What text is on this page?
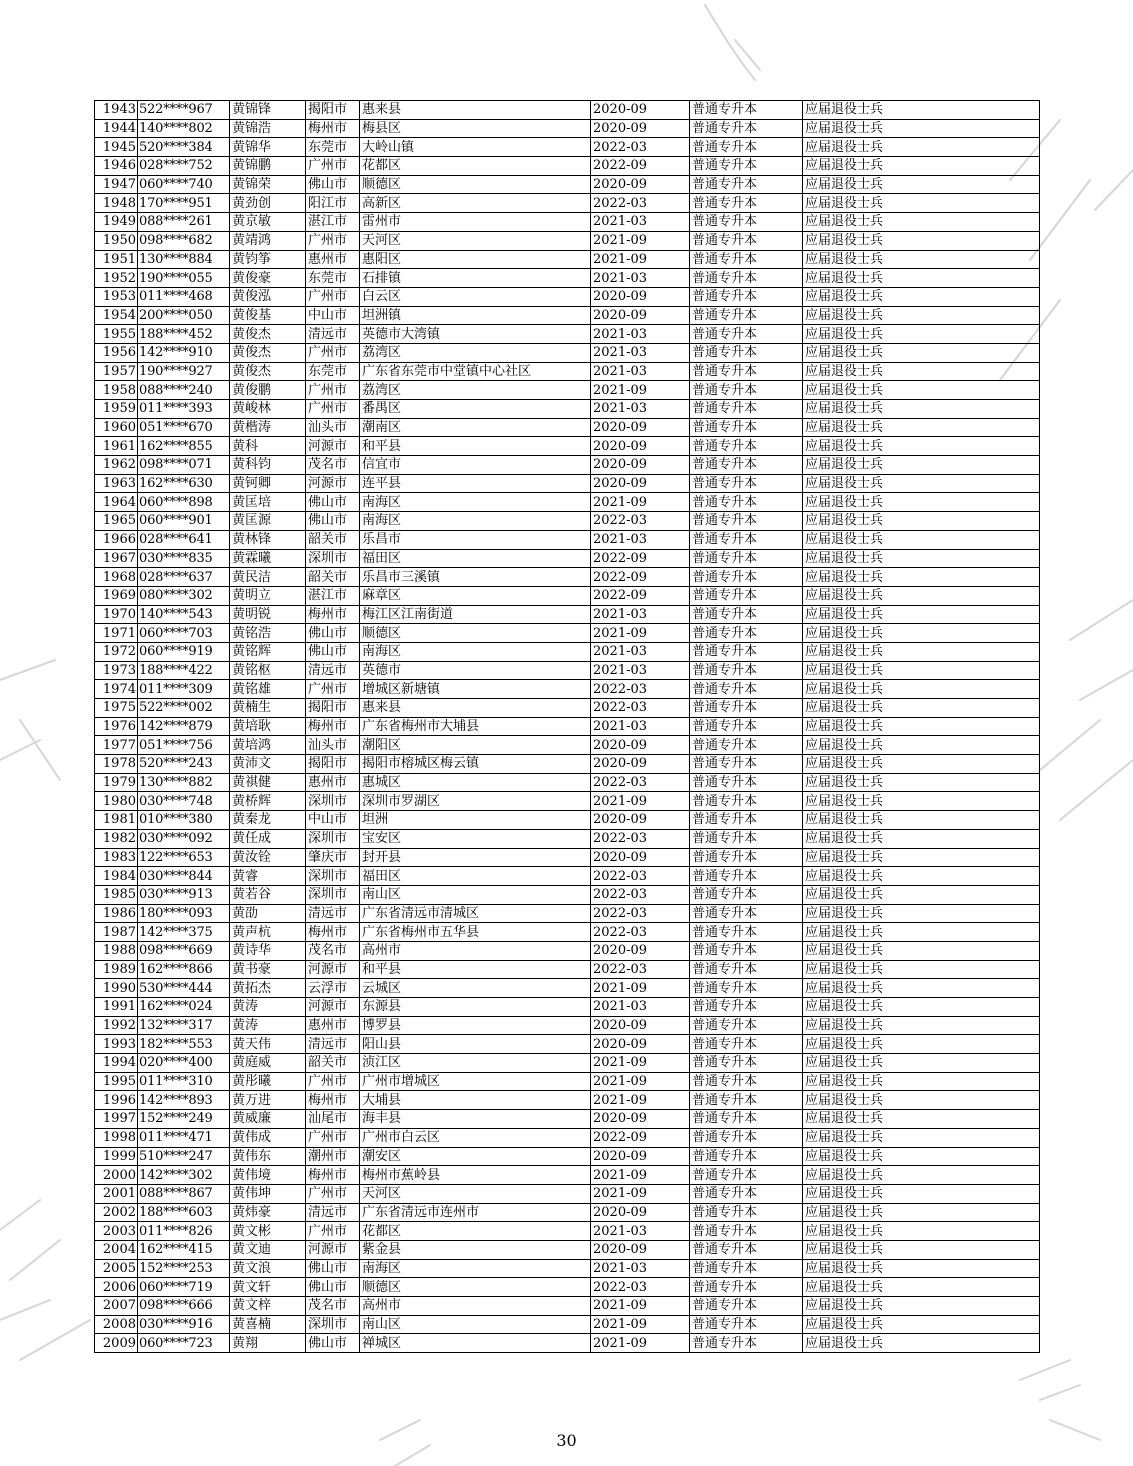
1943	522****967	黄锦锋	揭阳市	惠来县	2020-09	普通专升本	应届退役士兵
1944	140****802	黄锦浩	梅州市	梅县区	2020-09	普通专升本	应届退役士兵
1945	520****384	黄锦华	东莞市	大岭山镇	2022-03	普通专升本	应届退役士兵
1946	028****752	黄锦鹏	广州市	花都区	2022-09	普通专升本	应届退役士兵
1947	060****740	黄锦荣	佛山市	顺德区	2020-09	普通专升本	应届退役士兵
1948	170****951	黄劲创	阳江市	高新区	2022-03	普通专升本	应届退役士兵
1949	088****261	黄京敏	湛江市	雷州市	2021-03	普通专升本	应届退役士兵
1950	098****682	黄靖鸿	广州市	天河区	2021-09	普通专升本	应届退役士兵
1951	130****884	黄钧筝	惠州市	惠阳区	2021-09	普通专升本	应届退役士兵
1952	190****055	黄俊豪	东莞市	石排镇	2021-03	普通专升本	应届退役士兵
1953	011****468	黄俊泓	广州市	白云区	2020-09	普通专升本	应届退役士兵
1954	200****050	黄俊基	中山市	坦洲镇	2020-09	普通专升本	应届退役士兵
1955	188****452	黄俊杰	清远市	英德市大湾镇	2021-03	普通专升本	应届退役士兵
1956	142****910	黄俊杰	广州市	荔湾区	2021-03	普通专升本	应届退役士兵
1957	190****927	黄俊杰	东莞市	广东省东莞市中堂镇中心社区	2021-03	普通专升本	应届退役士兵
1958	088****240	黄俊鹏	广州市	荔湾区	2021-09	普通专升本	应届退役士兵
1959	011****393	黄峻林	广州市	番禺区	2021-03	普通专升本	应届退役士兵
1960	051****670	黄楷涛	汕头市	潮南区	2020-09	普通专升本	应届退役士兵
1961	162****855	黄科	河源市	和平县	2020-09	普通专升本	应届退役士兵
1962	098****071	黄科钧	茂名市	信宜市	2020-09	普通专升本	应届退役士兵
1963	162****630	黄钶卿	河源市	连平县	2020-09	普通专升本	应届退役士兵
1964	060****898	黄匡培	佛山市	南海区	2021-09	普通专升本	应届退役士兵
1965	060****901	黄匡源	佛山市	南海区	2022-03	普通专升本	应届退役士兵
1966	028****641	黄林锋	韶关市	乐昌市	2021-03	普通专升本	应届退役士兵
1967	030****835	黄霖曦	深圳市	福田区	2022-09	普通专升本	应届退役士兵
1968	028****637	黄民洁	韶关市	乐昌市三溪镇	2022-09	普通专升本	应届退役士兵
1969	080****302	黄明立	湛江市	麻章区	2022-09	普通专升本	应届退役士兵
1970	140****543	黄明锐	梅州市	梅江区江南街道	2021-03	普通专升本	应届退役士兵
1971	060****703	黄铭浩	佛山市	顺德区	2021-09	普通专升本	应届退役士兵
1972	060****919	黄铭辉	佛山市	南海区	2021-03	普通专升本	应届退役士兵
1973	188****422	黄铭枢	清远市	英德市	2021-03	普通专升本	应届退役士兵
1974	011****309	黄铭雄	广州市	增城区新塘镇	2022-03	普通专升本	应届退役士兵
1975	522****002	黄楠生	揭阳市	惠来县	2022-03	普通专升本	应届退役士兵
1976	142****879	黄培耿	梅州市	广东省梅州市大埔县	2021-03	普通专升本	应届退役士兵
1977	051****756	黄培鸿	汕头市	潮阳区	2020-09	普通专升本	应届退役士兵
1978	520****243	黄沛文	揭阳市	揭阳市榕城区梅云镇	2020-09	普通专升本	应届退役士兵
1979	130****882	黄祺健	惠州市	惠城区	2022-03	普通专升本	应届退役士兵
1980	030****748	黄桥辉	深圳市	深圳市罗湖区	2021-09	普通专升本	应届退役士兵
1981	010****380	黄秦龙	中山市	坦洲	2020-09	普通专升本	应届退役士兵
1982	030****092	黄任成	深圳市	宝安区	2022-03	普通专升本	应届退役士兵
1983	122****653	黄汝铨	肇庆市	封开县	2020-09	普通专升本	应届退役士兵
1984	030****844	黄睿	深圳市	福田区	2022-03	普通专升本	应届退役士兵
1985	030****913	黄若谷	深圳市	南山区	2022-03	普通专升本	应届退役士兵
1986	180****093	黄劭	清远市	广东省清远市清城区	2022-03	普通专升本	应届退役士兵
1987	142****375	黄声杭	梅州市	广东省梅州市五华县	2022-03	普通专升本	应届退役士兵
1988	098****669	黄诗华	茂名市	高州市	2020-09	普通专升本	应届退役士兵
1989	162****866	黄书豪	河源市	和平县	2022-03	普通专升本	应届退役士兵
1990	530****444	黄拓杰	云浮市	云城区	2021-09	普通专升本	应届退役士兵
1991	162****024	黄涛	河源市	东源县	2021-03	普通专升本	应届退役士兵
1992	132****317	黄涛	惠州市	博罗县	2020-09	普通专升本	应届退役士兵
1993	182****553	黄天伟	清远市	阳山县	2020-09	普通专升本	应届退役士兵
1994	020****400	黄庭威	韶关市	浈江区	2021-09	普通专升本	应届退役士兵
1995	011****310	黄彤曦	广州市	广州市增城区	2021-09	普通专升本	应届退役士兵
1996	142****893	黄万进	梅州市	大埔县	2021-09	普通专升本	应届退役士兵
1997	152****249	黄威廉	汕尾市	海丰县	2020-09	普通专升本	应届退役士兵
1998	011****471	黄伟成	广州市	广州市白云区	2022-09	普通专升本	应届退役士兵
1999	510****247	黄伟东	潮州市	潮安区	2020-09	普通专升本	应届退役士兵
2000	142****302	黄伟境	梅州市	梅州市蕉岭县	2021-09	普通专升本	应届退役士兵
2001	088****867	黄伟坤	广州市	天河区	2021-09	普通专升本	应届退役士兵
2002	188****603	黄炜豪	清远市	广东省清远市连州市	2020-09	普通专升本	应届退役士兵
2003	011****826	黄文彬	广州市	花都区	2021-03	普通专升本	应届退役士兵
2004	162****415	黄文迪	河源市	紫金县	2020-09	普通专升本	应届退役士兵
2005	152****253	黄文浪	佛山市	南海区	2021-03	普通专升本	应届退役士兵
2006	060****719	黄文轩	佛山市	顺德区	2022-03	普通专升本	应届退役士兵
2007	098****666	黄文梓	茂名市	高州市	2021-09	普通专升本	应届退役士兵
2008	030****916	黄喜楠	深圳市	南山区	2021-09	普通专升本	应届退役士兵
2009	060****723	黄翔	佛山市	禅城区	2021-09	普通专升本	应届退役士兵
30
